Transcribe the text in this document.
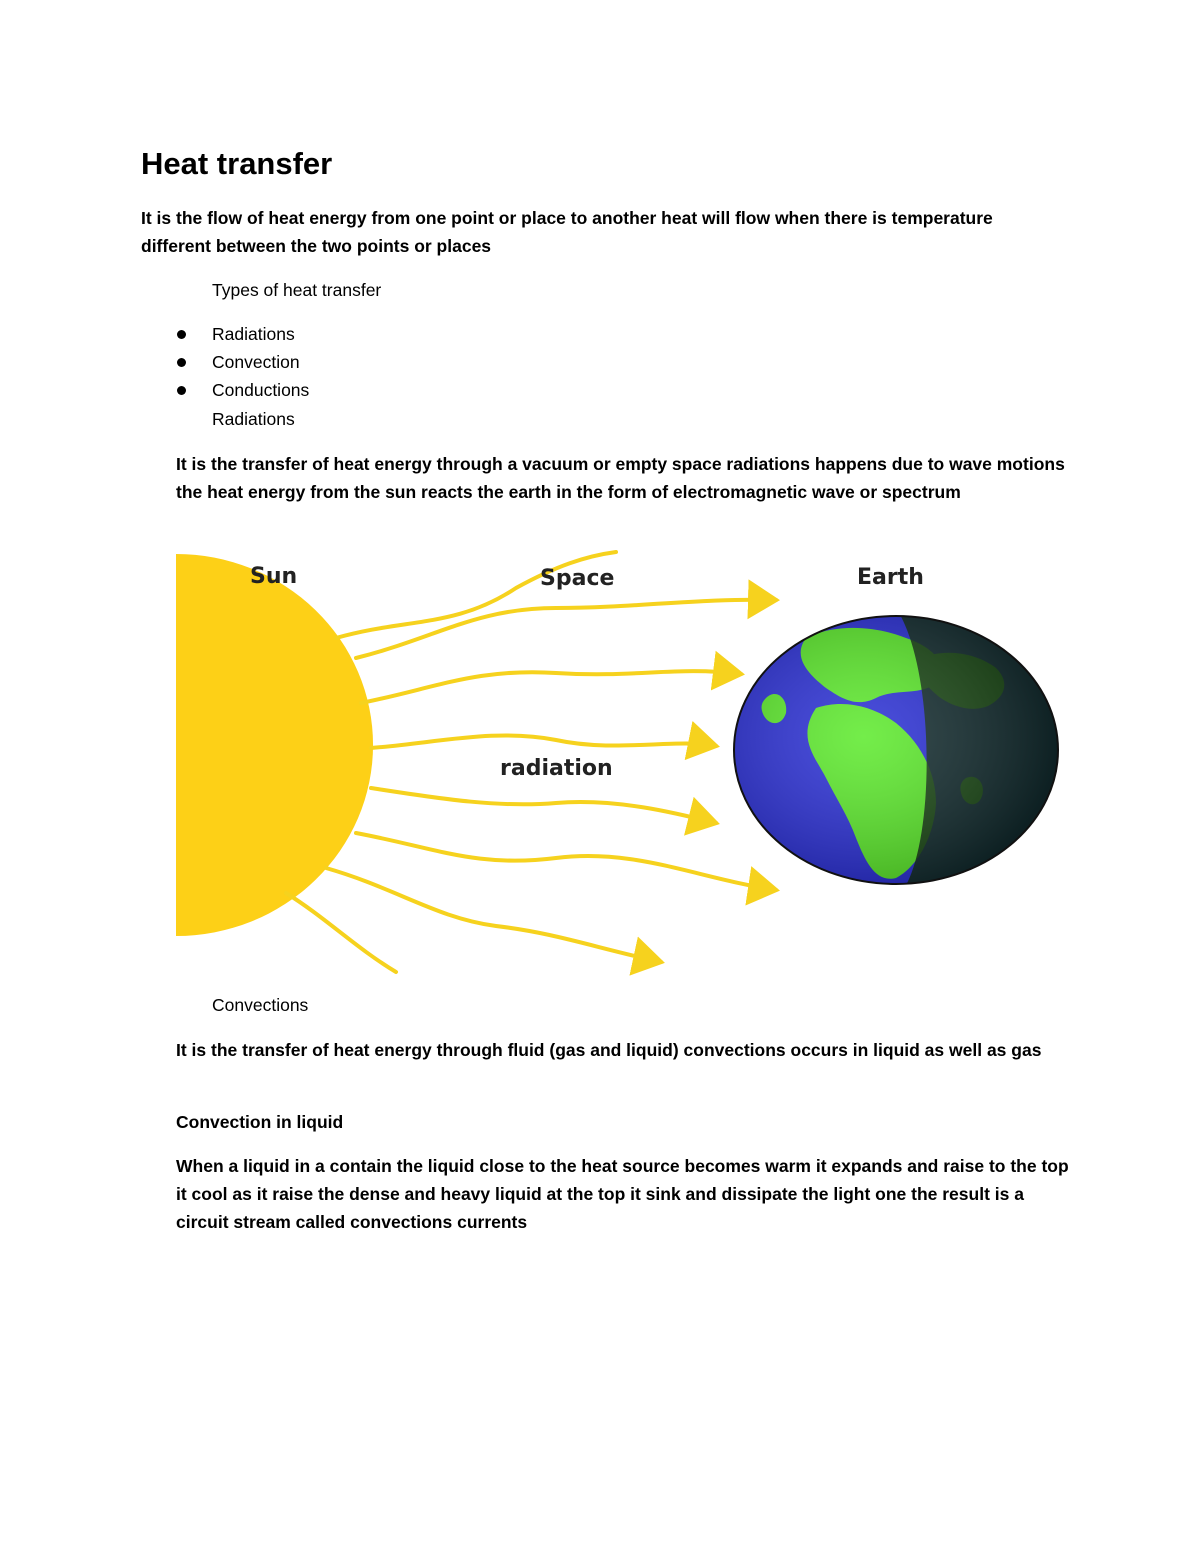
Heat transfer

It is the flow of heat energy from one point or place to another heat will flow when there is temperature different between the two points or places

Types of heat transfer

Radiations
Convection
Conductions

Radiations

It is the transfer of heat energy through a vacuum or empty space radiations happens due to wave motions the heat energy from the sun reacts the earth in the form of electromagnetic wave or spectrum

Sun	Space	Earth
radiation

Convections

It is the transfer of heat energy through fluid (gas and liquid) convections occurs in liquid as well as gas

Convection in liquid

When a liquid in a contain the liquid close to the heat source becomes warm it expands and raise to the top it cool as it raise the dense and heavy liquid at the top it sink and dissipate the light one the result is a circuit stream called convections currents
